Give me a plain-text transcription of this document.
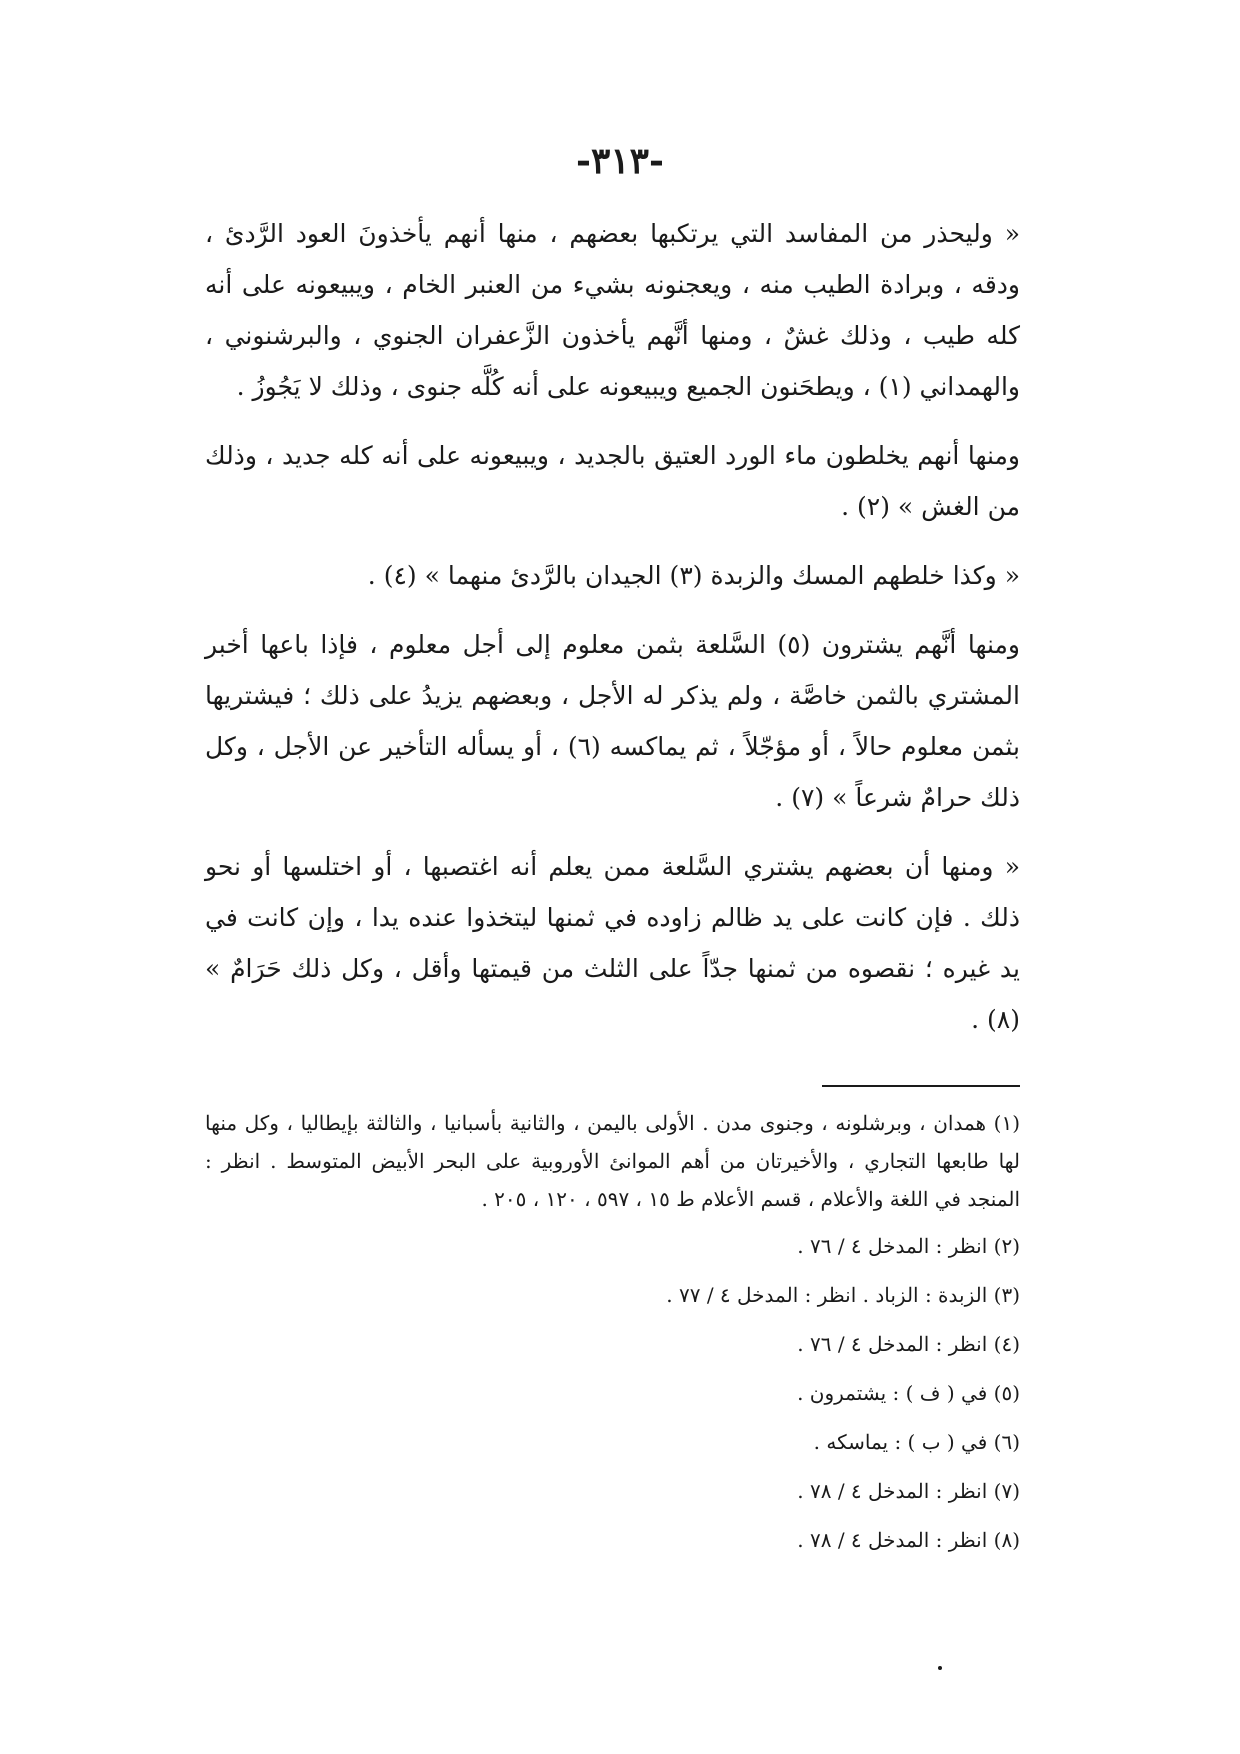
-٣١٣-

« وليحذر من المفاسد التي يرتكبها بعضهم ، منها أنهم يأخذونَ العود الرَّدئ ، ودقه ، وبرادة الطيب منه ، ويعجنونه بشيء من العنبر الخام ، ويبيعونه على أنه كله طيب ، وذلك غشٌ ، ومنها أنَّهم يأخذون الزَّعفران الجنوي ، والبرشنوني ، والهمداني (١) ، ويطحَنون الجميع ويبيعونه على أنه كُلَّه جنوى ، وذلك لا يَجُوزُ .

ومنها أنهم يخلطون ماء الورد العتيق بالجديد ، ويبيعونه على أنه كله جديد ، وذلك من الغش » (٢) .

« وكذا خلطهم المسك والزبدة (٣) الجيدان بالرَّدئ منهما » (٤) .

ومنها أنَّهم يشترون (٥) السَّلعة بثمن معلوم إلى أجل معلوم ، فإذا باعها أخبر المشتري بالثمن خاصَّة ، ولم يذكر له الأجل ، وبعضهم يزيدُ على ذلك ؛ فيشتريها بثمن معلوم حالاً ، أو مؤجّلاً ، ثم يماكسه (٦) ، أو يسأله التأخير عن الأجل ، وكل ذلك حرامٌ شرعاً » (٧) .

« ومنها أن بعضهم يشتري السَّلعة ممن يعلم أنه اغتصبها ، أو اختلسها أو نحو ذلك . فإن كانت على يد ظالم زاوده في ثمنها ليتخذوا عنده يدا ، وإن كانت في يد غيره ؛ نقصوه من ثمنها جدّاً على الثلث من قيمتها وأقل ، وكل ذلك حَرَامٌ » (٨) .

(١) همدان ، وبرشلونه ، وجنوى مدن . الأولى باليمن ، والثانية بأسبانيا ، والثالثة بإيطاليا ، وكل منها لها طابعها التجاري ، والأخيرتان من أهم الموانئ الأوروبية على البحر الأبيض المتوسط . انظر : المنجد في اللغة والأعلام ، قسم الأعلام ط ١٥ ، ٥٩٧ ، ١٢٠ ، ٢٠٥ .

(٢) انظر : المدخل ٤ / ٧٦ .

(٣) الزبدة : الزباد . انظر : المدخل ٤ / ٧٧ .

(٤) انظر : المدخل ٤ / ٧٦ .

(٥) في ( ف ) : يشتمرون .

(٦) في ( ب ) : يماسكه .

(٧) انظر : المدخل ٤ / ٧٨ .

(٨) انظر : المدخل ٤ / ٧٨ .
